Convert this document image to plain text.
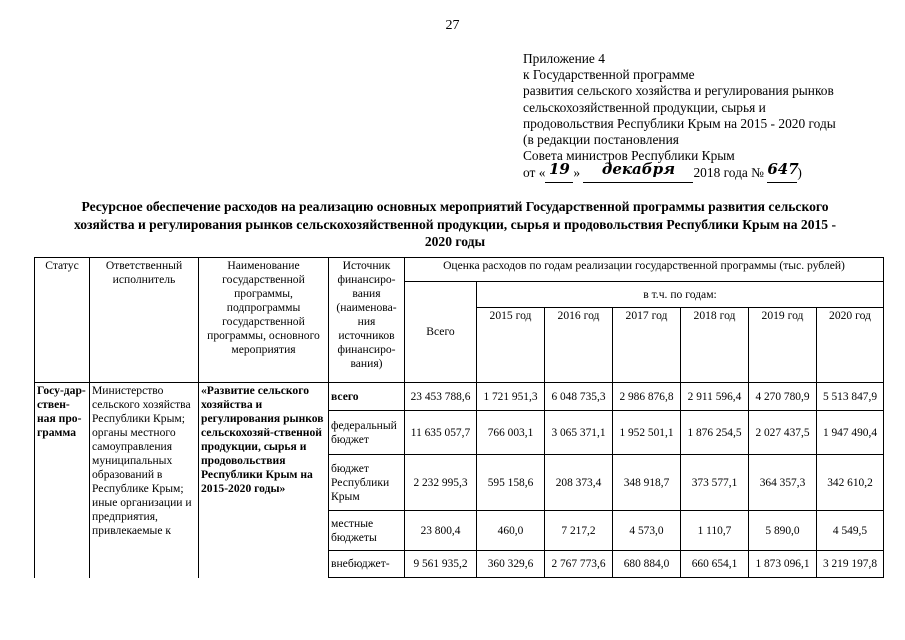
27
Приложение 4
к Государственной программе
развития сельского хозяйства и регулирования рынков
сельскохозяйственной продукции, сырья и
продовольствия Республики Крым на 2015 - 2020 годы
(в редакции постановления
Совета министров Республики Крым
от « 19 » декабря 2018 года № 647)
Ресурсное обеспечение расходов на реализацию основных мероприятий Государственной программы развития сельского хозяйства и регулирования рынков сельскохозяйственной продукции, сырья и продовольствия Республики Крым на 2015 - 2020 годы
Статус	Ответственный исполнитель	Наименование государственной программы, подпрограммы государственной программы, основного мероприятия	Источник финансиро-вания (наименова-ния источников финансиро-вания)	Оценка расходов по годам реализации государственной программы (тыс. рублей)						
				Всего	в т.ч. по годам:					
					2015 год	2016 год	2017 год	2018 год	2019 год	2020 год
Госу-дар-ствен-ная про-грамма	Министерство сельского хозяйства Республики Крым; органы местного самоуправления муниципальных образований в Республике Крым; иные организации и предприятия, привлекаемые к	«Развитие сельского хозяйства и регулирования рынков сельскохозяй-ственной продукции, сырья и продовольствия Республики Крым на 2015-2020 годы»	всего	23 453 788,6	1 721 951,3	6 048 735,3	2 986 876,8	2 911 596,4	4 270 780,9	5 513 847,9
			федеральный бюджет	11 635 057,7	766 003,1	3 065 371,1	1 952 501,1	1 876 254,5	2 027 437,5	1 947 490,4
			бюджет Республики Крым	2 232 995,3	595 158,6	208 373,4	348 918,7	373 577,1	364 357,3	342 610,2
			местные бюджеты	23 800,4	460,0	7 217,2	4 573,0	1 110,7	5 890,0	4 549,5
			внебюджет-	9 561 935,2	360 329,6	2 767 773,6	680 884,0	660 654,1	1 873 096,1	3 219 197,8
